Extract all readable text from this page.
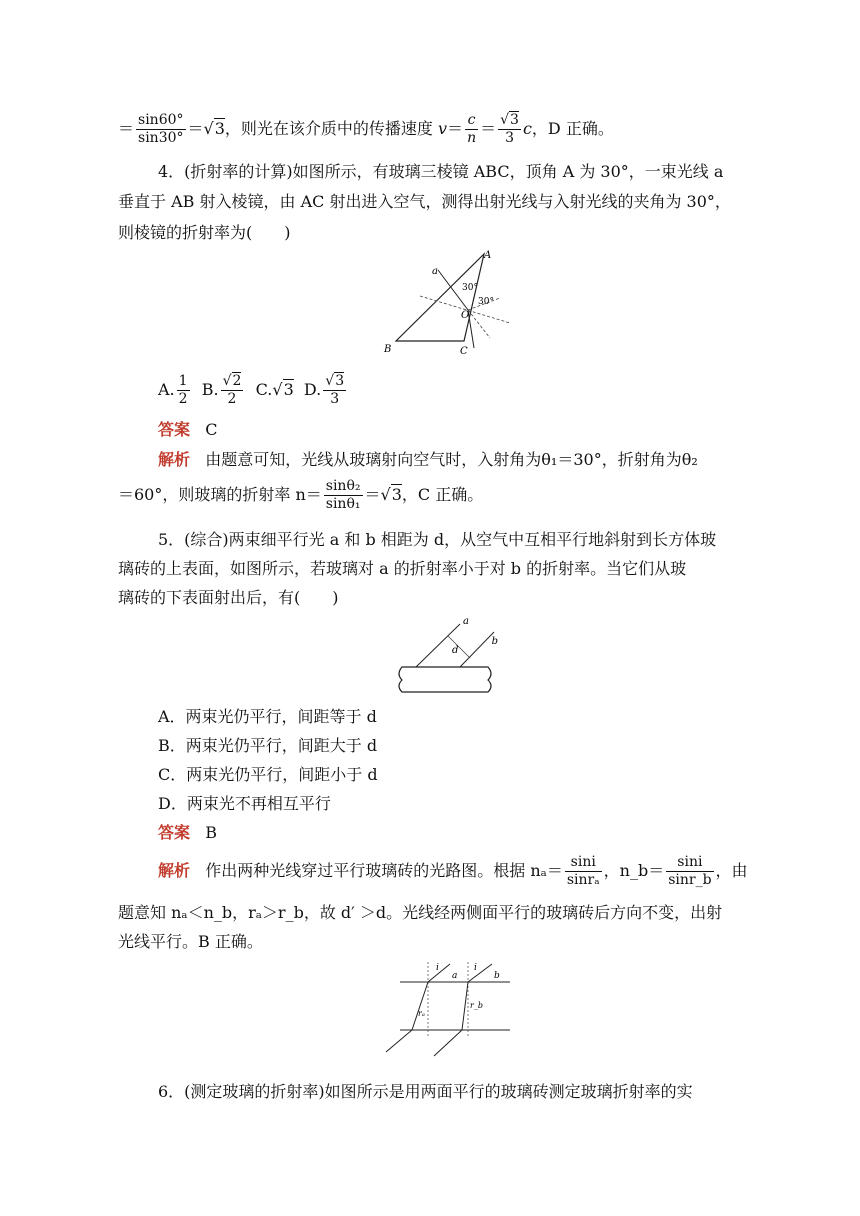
＝ $\frac{\sin 60^\circ}{\sin 30^\circ} =√3$，则光在该介质中的传播速度 $v= \frac{c}{n} = \frac{√3}{3}$ c，D 正确。
4．(折射率的计算)如图所示，有玻璃三棱镜 ABC，顶角 A 为 30°，一束光线 a
垂直于 AB 射入棱镜，由 AC 射出进入空气，测得出射光线与入射光线的夹角为 30°，
则棱镜的折射率为(　　)
a
A
B	C
O
30°
30°
A. $\frac{1}{2} B$. $\frac{√2}{2} C.√3$ D. $\frac{√3}{3}$
答案 C
解析 由题意可知，光线从玻璃射向空气时，入射角为θ₁＝30°，折射角为θ₂
＝60°，则玻璃的折射率 $n= \frac{\text{sinθ₂}}{\text{sinθ₁}} =√3$，C 正确。
5．(综合)两束细平行光 a 和 b 相距为 d，从空气中互相平行地斜射到长方体玻
璃砖的上表面，如图所示，若玻璃对 a 的折射率小于对 b 的折射率。当它们从玻
璃砖的下表面射出后，有(　　)
a
b
d
A．两束光仍平行，间距等于 d
B．两束光仍平行，间距大于 d
C．两束光仍平行，间距小于 d
D．两束光不再相互平行
答案 B
解析 作出两种光线穿过平行玻璃砖的光路图。根据 $n_a= \frac{\sin i}{\text{sinrₐ}}$ ，n_b＝ $\frac{\sin i}{\sin r\_b}$ ，由
题意知 nₐ＜n_b，rₐ＞r_b，故 d′ ＞d。光线经两侧面平行的玻璃砖后方向不变，出射
光线平行。B 正确。
i	i
a	b
rₐ
r_b
6．(测定玻璃的折射率)如图所示是用两面平行的玻璃砖测定玻璃折射率的实
